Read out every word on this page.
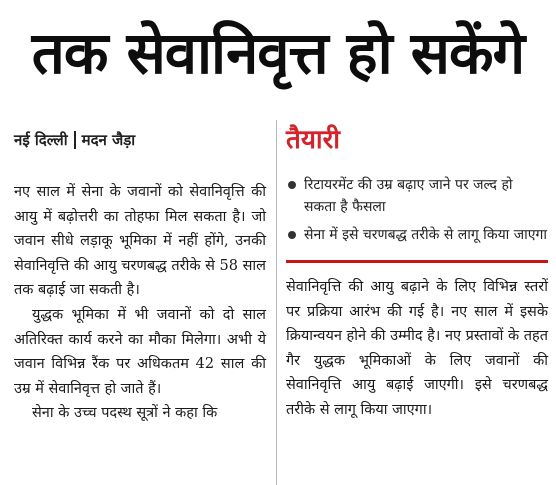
तक सेवानिवृत्त हो सकेंगे
नई दिल्ली मदन जैड़ा

नए साल में सेना के जवानों को सेवानिवृत्ति की आयु में बढ़ोत्तरी का तोहफा मिल सकता है। जो जवान सीधे लड़ाकू भूमिका में नहीं होंगे, उनकी सेवानिवृत्ति की आयु चरणबद्ध तरीके से 58 साल तक बढ़ाई जा सकती है।

युद्धक भूमिका में भी जवानों को दो साल अतिरिक्त कार्य करने का मौका मिलेगा। अभी ये जवान विभिन्न रैंक पर अधिकतम 42 साल की उम्र में सेवानिवृत्त हो जाते हैं।

सेना के उच्च पदस्थ सूत्रों ने कहा कि

तैयारी
रिटायरमेंट की उम्र बढ़ाए जाने पर जल्द हो सकता है फैसला
सेना में इसे चरणबद्ध तरीके से लागू किया जाएगा

सेवानिवृत्ति की आयु बढ़ाने के लिए विभिन्न स्तरों पर प्रक्रिया आरंभ की गई है। नए साल में इसके क्रियान्वयन होने की उम्मीद है। नए प्रस्तावों के तहत गैर युद्धक भूमिकाओं के लिए जवानों की सेवानिवृत्ति आयु बढ़ाई जाएगी। इसे चरणबद्ध तरीके से लागू किया जाएगा।
